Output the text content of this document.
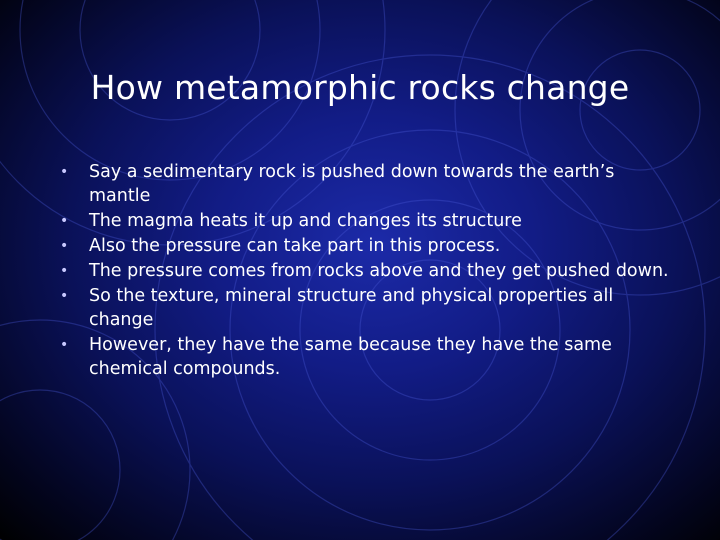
How metamorphic rocks change
•	Say a sedimentary rock is pushed down towards the earth’s mantle
•	The magma heats it up and changes its structure
•	Also the pressure can take part in this process.
•	The pressure comes from rocks above and they get pushed down.
•	So the texture, mineral structure and physical properties all change
•	However, they have the same because they have the same chemical compounds.
